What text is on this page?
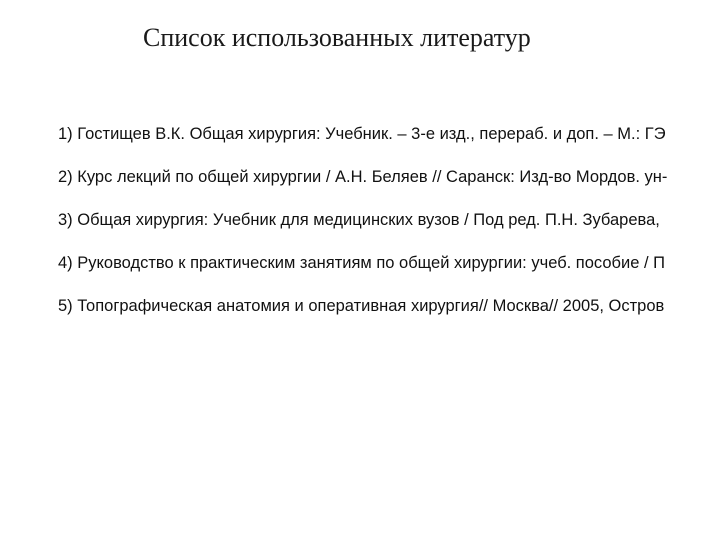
Список использованных литератур
1) Гостищев В.К. Общая хирургия: Учебник. – 3-е изд., перераб. и доп. – М.: ГЭ
2) Курс лекций по общей хирургии / А.Н. Беляев // Саранск: Изд-во Мордов. ун-
3) Общая хирургия: Учебник для медицинских вузов / Под ред. П.Н. Зубарева,
4) Руководство к практическим занятиям по общей хирургии: учеб. пособие / П
5) Топографическая анатомия и оперативная хирургия// Москва// 2005, Остров
